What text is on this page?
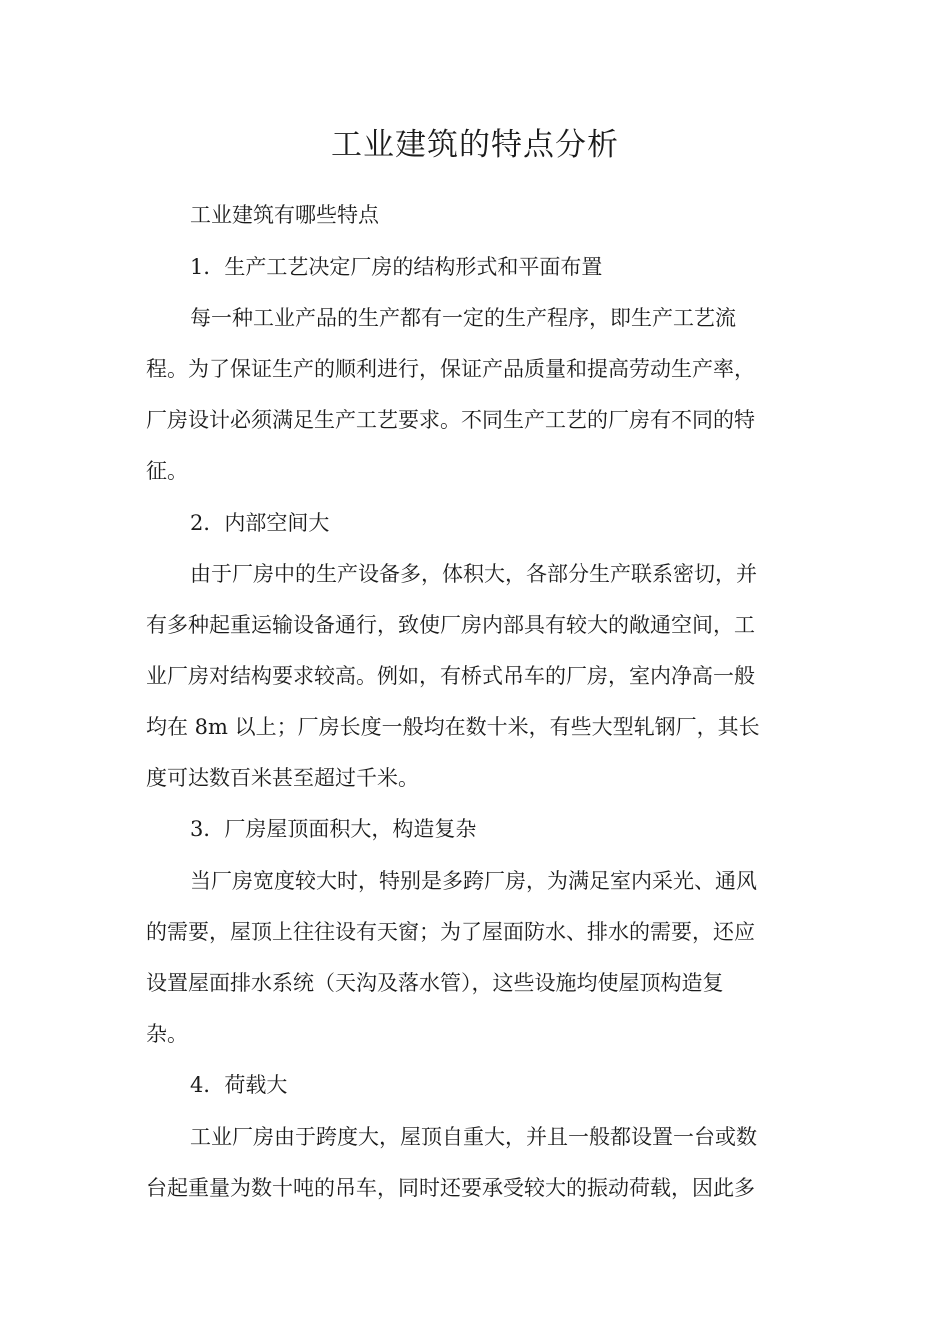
工业建筑的特点分析

工业建筑有哪些特点

1．生产工艺决定厂房的结构形式和平面布置

每一种工业产品的生产都有一定的生产程序，即生产工艺流

程。为了保证生产的顺利进行，保证产品质量和提高劳动生产率，

厂房设计必须满足生产工艺要求。不同生产工艺的厂房有不同的特

征。

2．内部空间大

由于厂房中的生产设备多，体积大，各部分生产联系密切，并

有多种起重运输设备通行，致使厂房内部具有较大的敞通空间，工

业厂房对结构要求较高。例如，有桥式吊车的厂房，室内净高一般

均在 8m 以上；厂房长度一般均在数十米，有些大型轧钢厂，其长

度可达数百米甚至超过千米。

3．厂房屋顶面积大，构造复杂

当厂房宽度较大时，特别是多跨厂房，为满足室内采光、通风

的需要，屋顶上往往设有天窗；为了屋面防水、排水的需要，还应

设置屋面排水系统（天沟及落水管），这些设施均使屋顶构造复

杂。

4．荷载大

工业厂房由于跨度大，屋顶自重大，并且一般都设置一台或数

台起重量为数十吨的吊车，同时还要承受较大的振动荷载，因此多
